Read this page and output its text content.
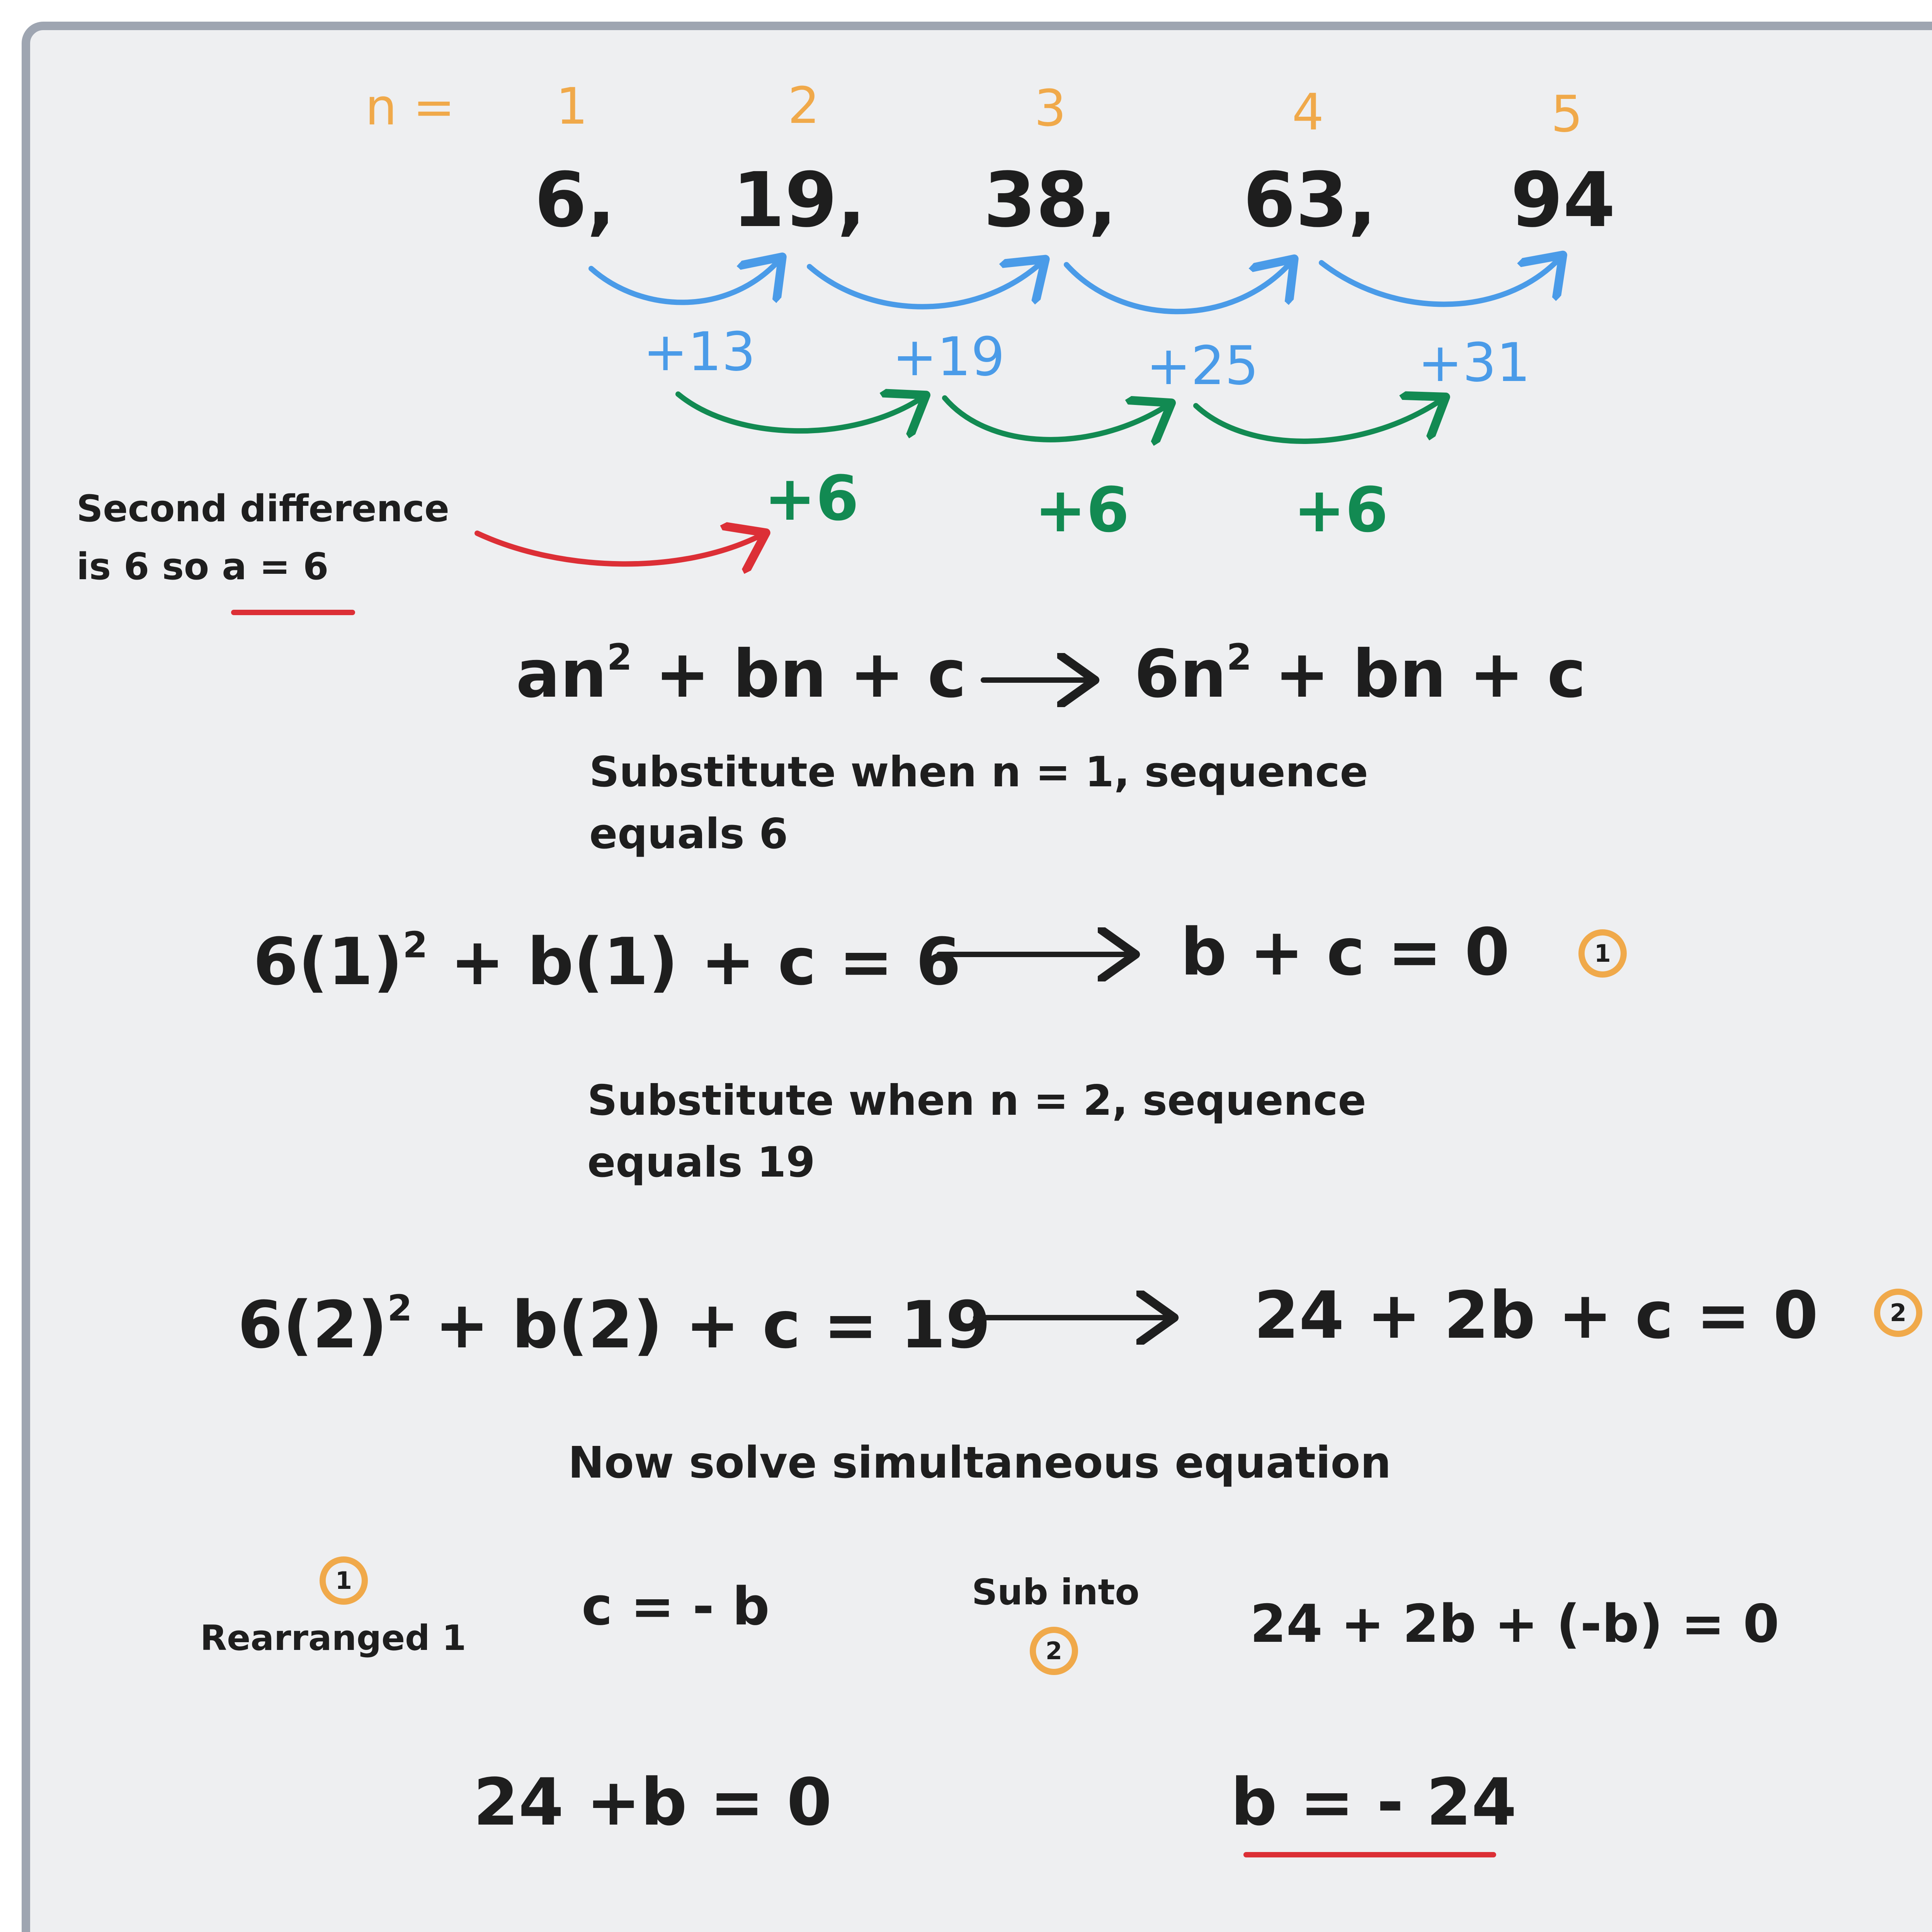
n = 1	2	3	4	5
6, 19, 38, 63, 94
+13	+19	+25	+31
+6	+6	+6
Second difference
is 6 so a = 6
$an^2$ + bn + c	$6n^2$ + bn + c
Substitute when n = 1, sequence
equals 6
$6(1)^2 + b(1) + c = 6$	b + c = 0	1
Substitute when n = 2, sequence
equals 19
$6(2)^2 + b(2) + c = 19$	24 + 2b + c = 0	2
Now solve simultaneous equation
1
Rearranged 1
c = - b	Sub into
2	24 + 2b + (-b) = 0
24 +b = 0	b = - 24
